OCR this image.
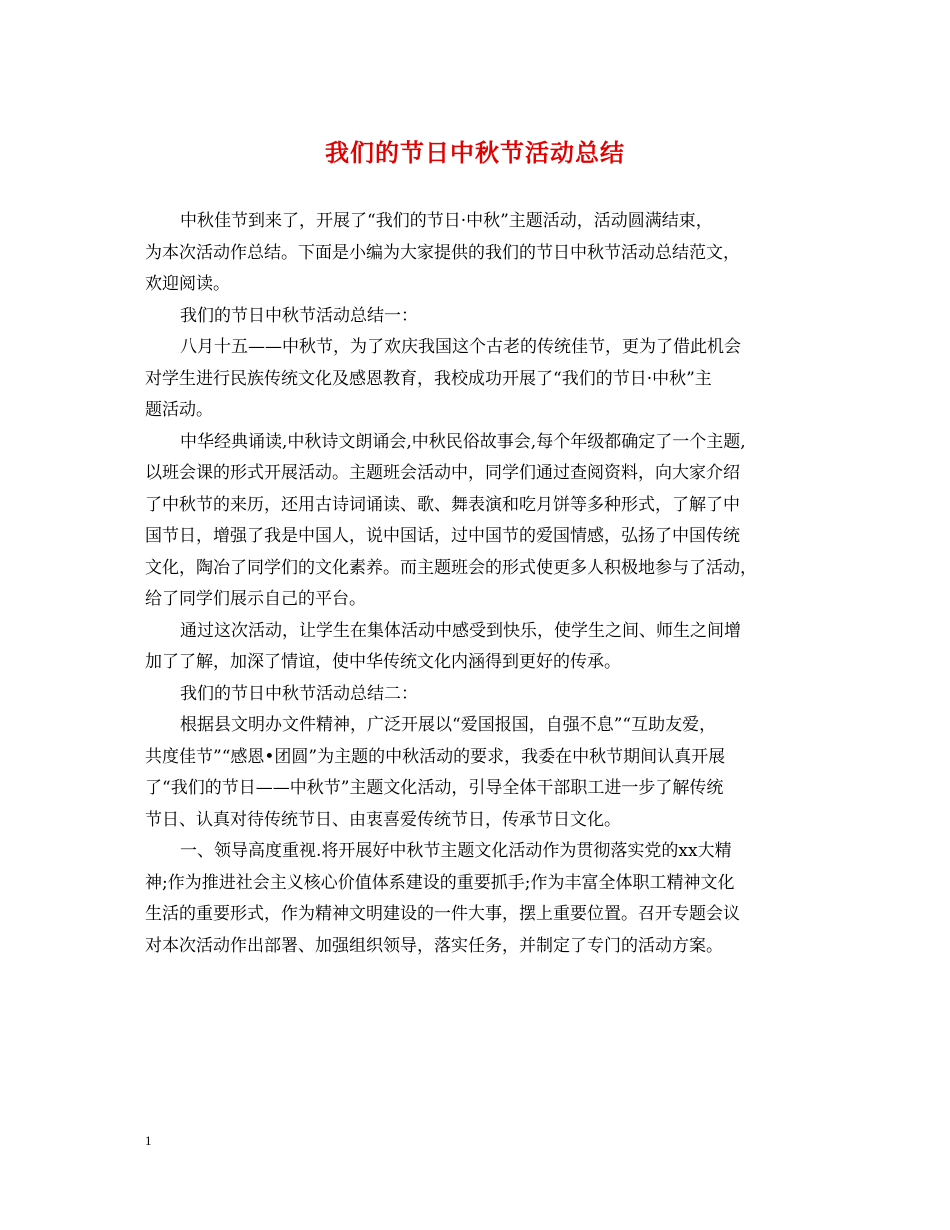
我们的节日中秋节活动总结
中秋佳节到来了，开展了“我们的节日·中秋”主题活动，活动圆满结束，
为本次活动作总结。下面是小编为大家提供的我们的节日中秋节活动总结范文，
欢迎阅读。
我们的节日中秋节活动总结一：
八月十五——中秋节，为了欢庆我国这个古老的传统佳节，更为了借此机会
对学生进行民族传统文化及感恩教育，我校成功开展了“我们的节日·中秋”主
题活动。
中华经典诵读,中秋诗文朗诵会,中秋民俗故事会,每个年级都确定了一个主题,
以班会课的形式开展活动。主题班会活动中，同学们通过查阅资料，向大家介绍
了中秋节的来历，还用古诗词诵读、歌、舞表演和吃月饼等多种形式，了解了中
国节日，增强了我是中国人，说中国话，过中国节的爱国情感，弘扬了中国传统
文化，陶冶了同学们的文化素养。而主题班会的形式使更多人积极地参与了活动，
给了同学们展示自己的平台。
通过这次活动，让学生在集体活动中感受到快乐，使学生之间、师生之间增
加了了解，加深了情谊，使中华传统文化内涵得到更好的传承。
我们的节日中秋节活动总结二：
根据县文明办文件精神，广泛开展以“爱国报国，自强不息”“互助友爱，
共度佳节”“感恩•团圆”为主题的中秋活动的要求，我委在中秋节期间认真开展
了“我们的节日——中秋节”主题文化活动，引导全体干部职工进一步了解传统
节日、认真对待传统节日、由衷喜爱传统节日，传承节日文化。
一、领导高度重视.将开展好中秋节主题文化活动作为贯彻落实党的xx大精
神;作为推进社会主义核心价值体系建设的重要抓手;作为丰富全体职工精神文化
生活的重要形式，作为精神文明建设的一件大事，摆上重要位置。召开专题会议
对本次活动作出部署、加强组织领导，落实任务，并制定了专门的活动方案。
1
